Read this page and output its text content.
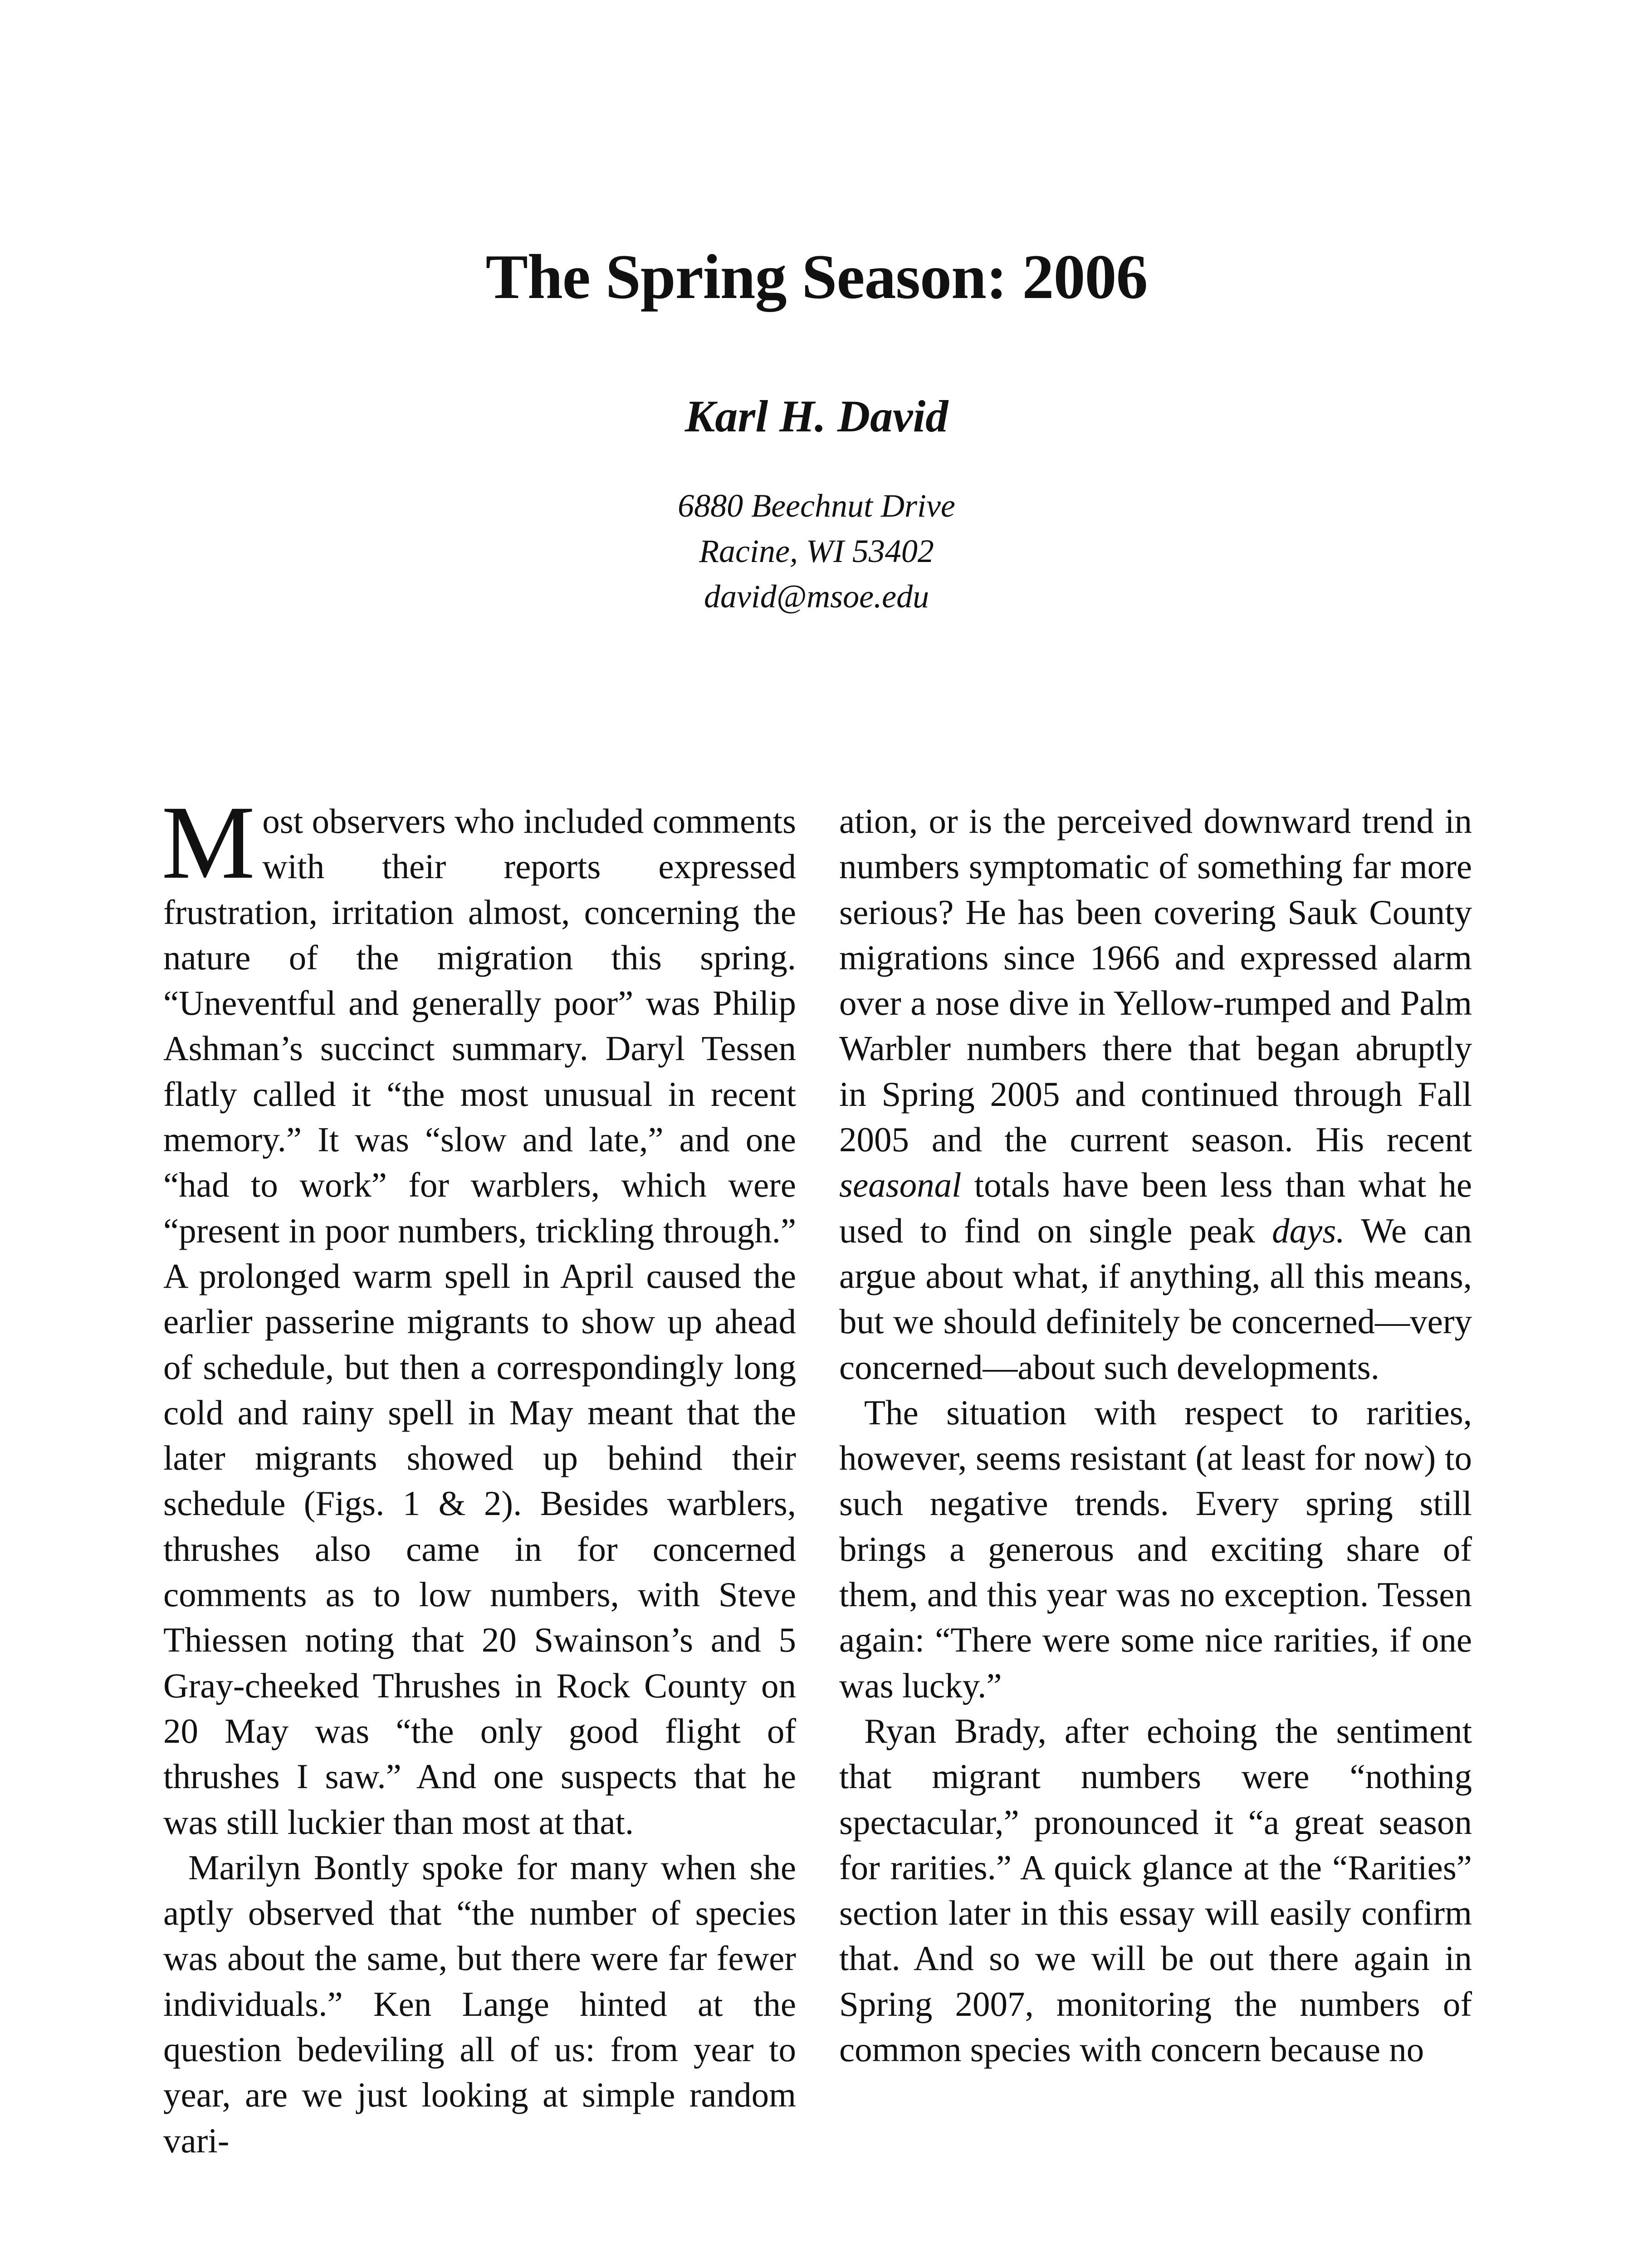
The Spring Season: 2006
Karl H. David
6880 Beechnut Drive
Racine, WI 53402
david@msoe.edu

Most observers who included comments with their reports expressed frustration, irritation almost, concerning the nature of the migration this spring. “Uneventful and generally poor” was Philip Ashman’s succinct summary. Daryl Tessen flatly called it “the most unusual in recent memory.” It was “slow and late,” and one “had to work” for warblers, which were “present in poor numbers, trickling through.” A prolonged warm spell in April caused the earlier passerine migrants to show up ahead of schedule, but then a correspondingly long cold and rainy spell in May meant that the later migrants showed up behind their schedule (Figs. 1 & 2). Besides warblers, thrushes also came in for concerned comments as to low numbers, with Steve Thiessen noting that 20 Swainson’s and 5 Gray-cheeked Thrushes in Rock County on 20 May was “the only good flight of thrushes I saw.” And one suspects that he was still luckier than most at that.

Marilyn Bontly spoke for many when she aptly observed that “the number of species was about the same, but there were far fewer individuals.” Ken Lange hinted at the question bedeviling all of us: from year to year, are we just looking at simple random vari-

ation, or is the perceived downward trend in numbers symptomatic of something far more serious? He has been covering Sauk County migrations since 1966 and expressed alarm over a nose dive in Yellow-rumped and Palm Warbler numbers there that began abruptly in Spring 2005 and continued through Fall 2005 and the current season. His recent seasonal totals have been less than what he used to find on single peak days. We can argue about what, if anything, all this means, but we should definitely be concerned—very concerned—about such developments.

The situation with respect to rarities, however, seems resistant (at least for now) to such negative trends. Every spring still brings a generous and exciting share of them, and this year was no exception. Tessen again: “There were some nice rarities, if one was lucky.”

Ryan Brady, after echoing the sentiment that migrant numbers were “nothing spectacular,” pronounced it “a great season for rarities.” A quick glance at the “Rarities” section later in this essay will easily confirm that. And so we will be out there again in Spring 2007, monitoring the numbers of common species with concern because no
